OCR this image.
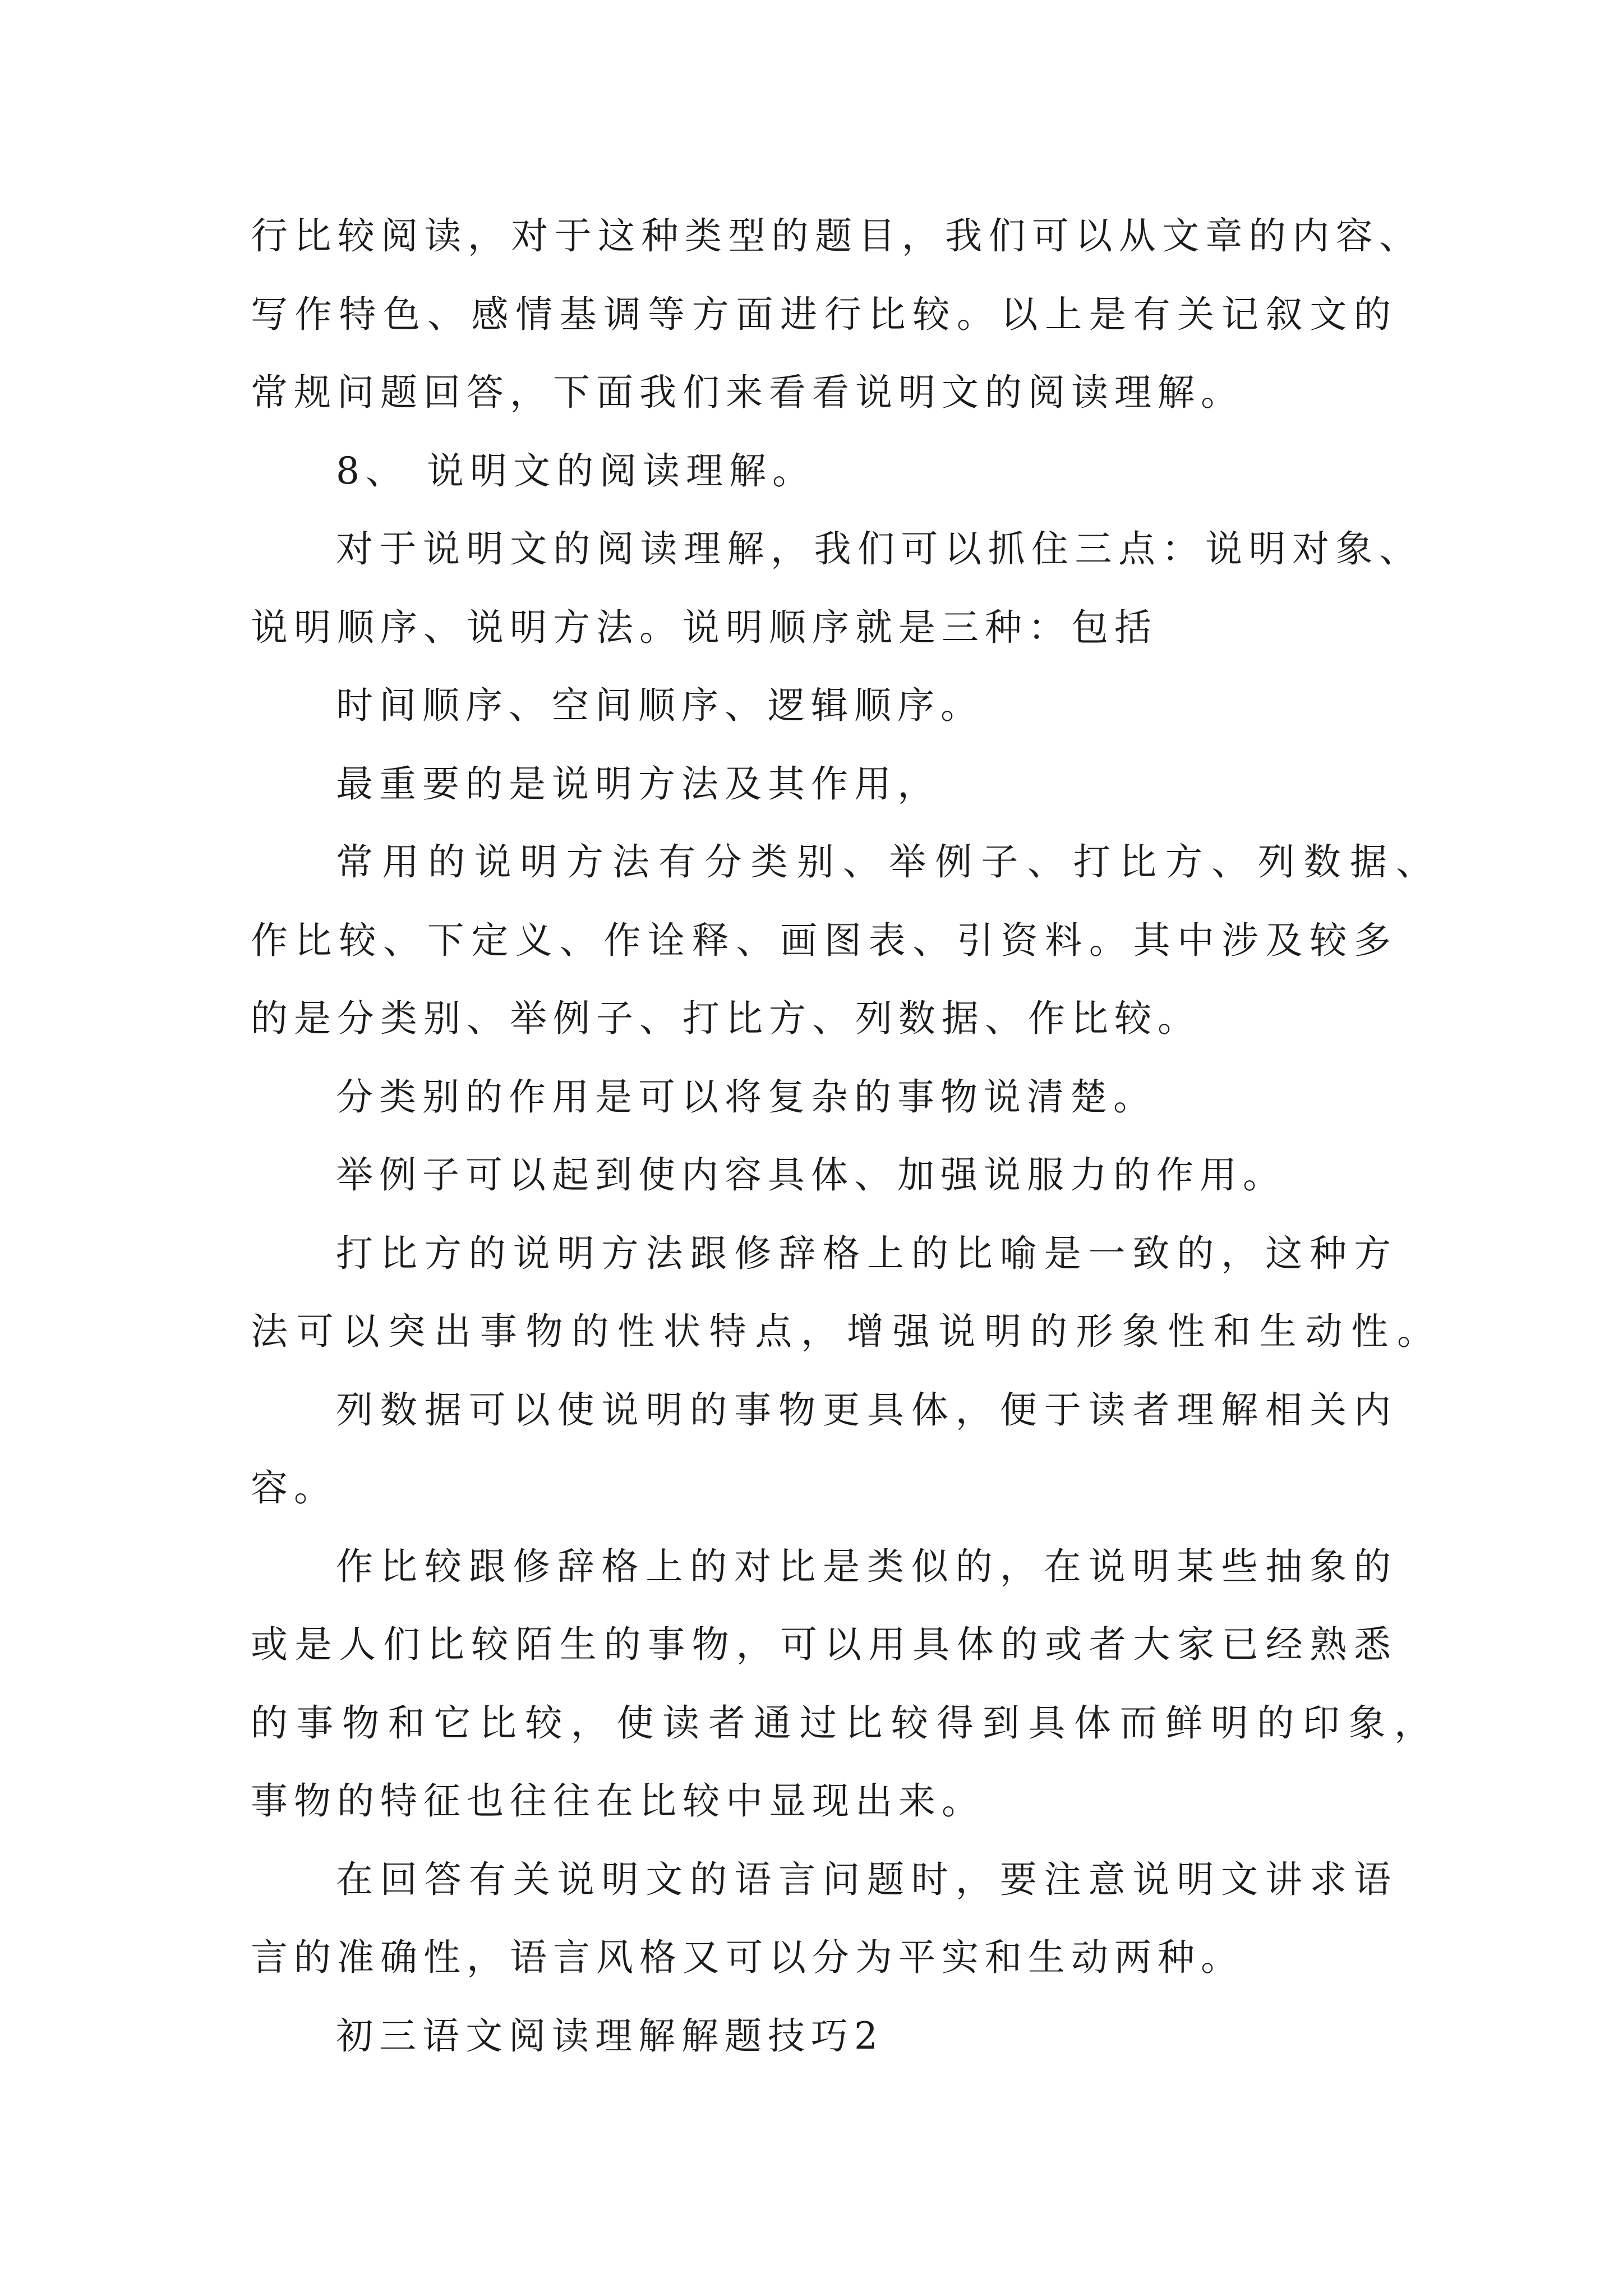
行比较阅读，对于这种类型的题目，我们可以从文章的内容、
写作特色、感情基调等方面进行比较。以上是有关记叙文的
常规问题回答，下面我们来看看说明文的阅读理解。
8、 说明文的阅读理解。
对于说明文的阅读理解，我们可以抓住三点：说明对象、
说明顺序、说明方法。说明顺序就是三种：包括
时间顺序、空间顺序、逻辑顺序。
最重要的是说明方法及其作用，
常用的说明方法有分类别、举例子、打比方、列数据、
作比较、下定义、作诠释、画图表、引资料。其中涉及较多
的是分类别、举例子、打比方、列数据、作比较。
分类别的作用是可以将复杂的事物说清楚。
举例子可以起到使内容具体、加强说服力的作用。
打比方的说明方法跟修辞格上的比喻是一致的，这种方
法可以突出事物的性状特点，增强说明的形象性和生动性。
列数据可以使说明的事物更具体，便于读者理解相关内
容。
作比较跟修辞格上的对比是类似的，在说明某些抽象的
或是人们比较陌生的事物，可以用具体的或者大家已经熟悉
的事物和它比较，使读者通过比较得到具体而鲜明的印象，
事物的特征也往往在比较中显现出来。
在回答有关说明文的语言问题时，要注意说明文讲求语
言的准确性，语言风格又可以分为平实和生动两种。
初三语文阅读理解解题技巧2
